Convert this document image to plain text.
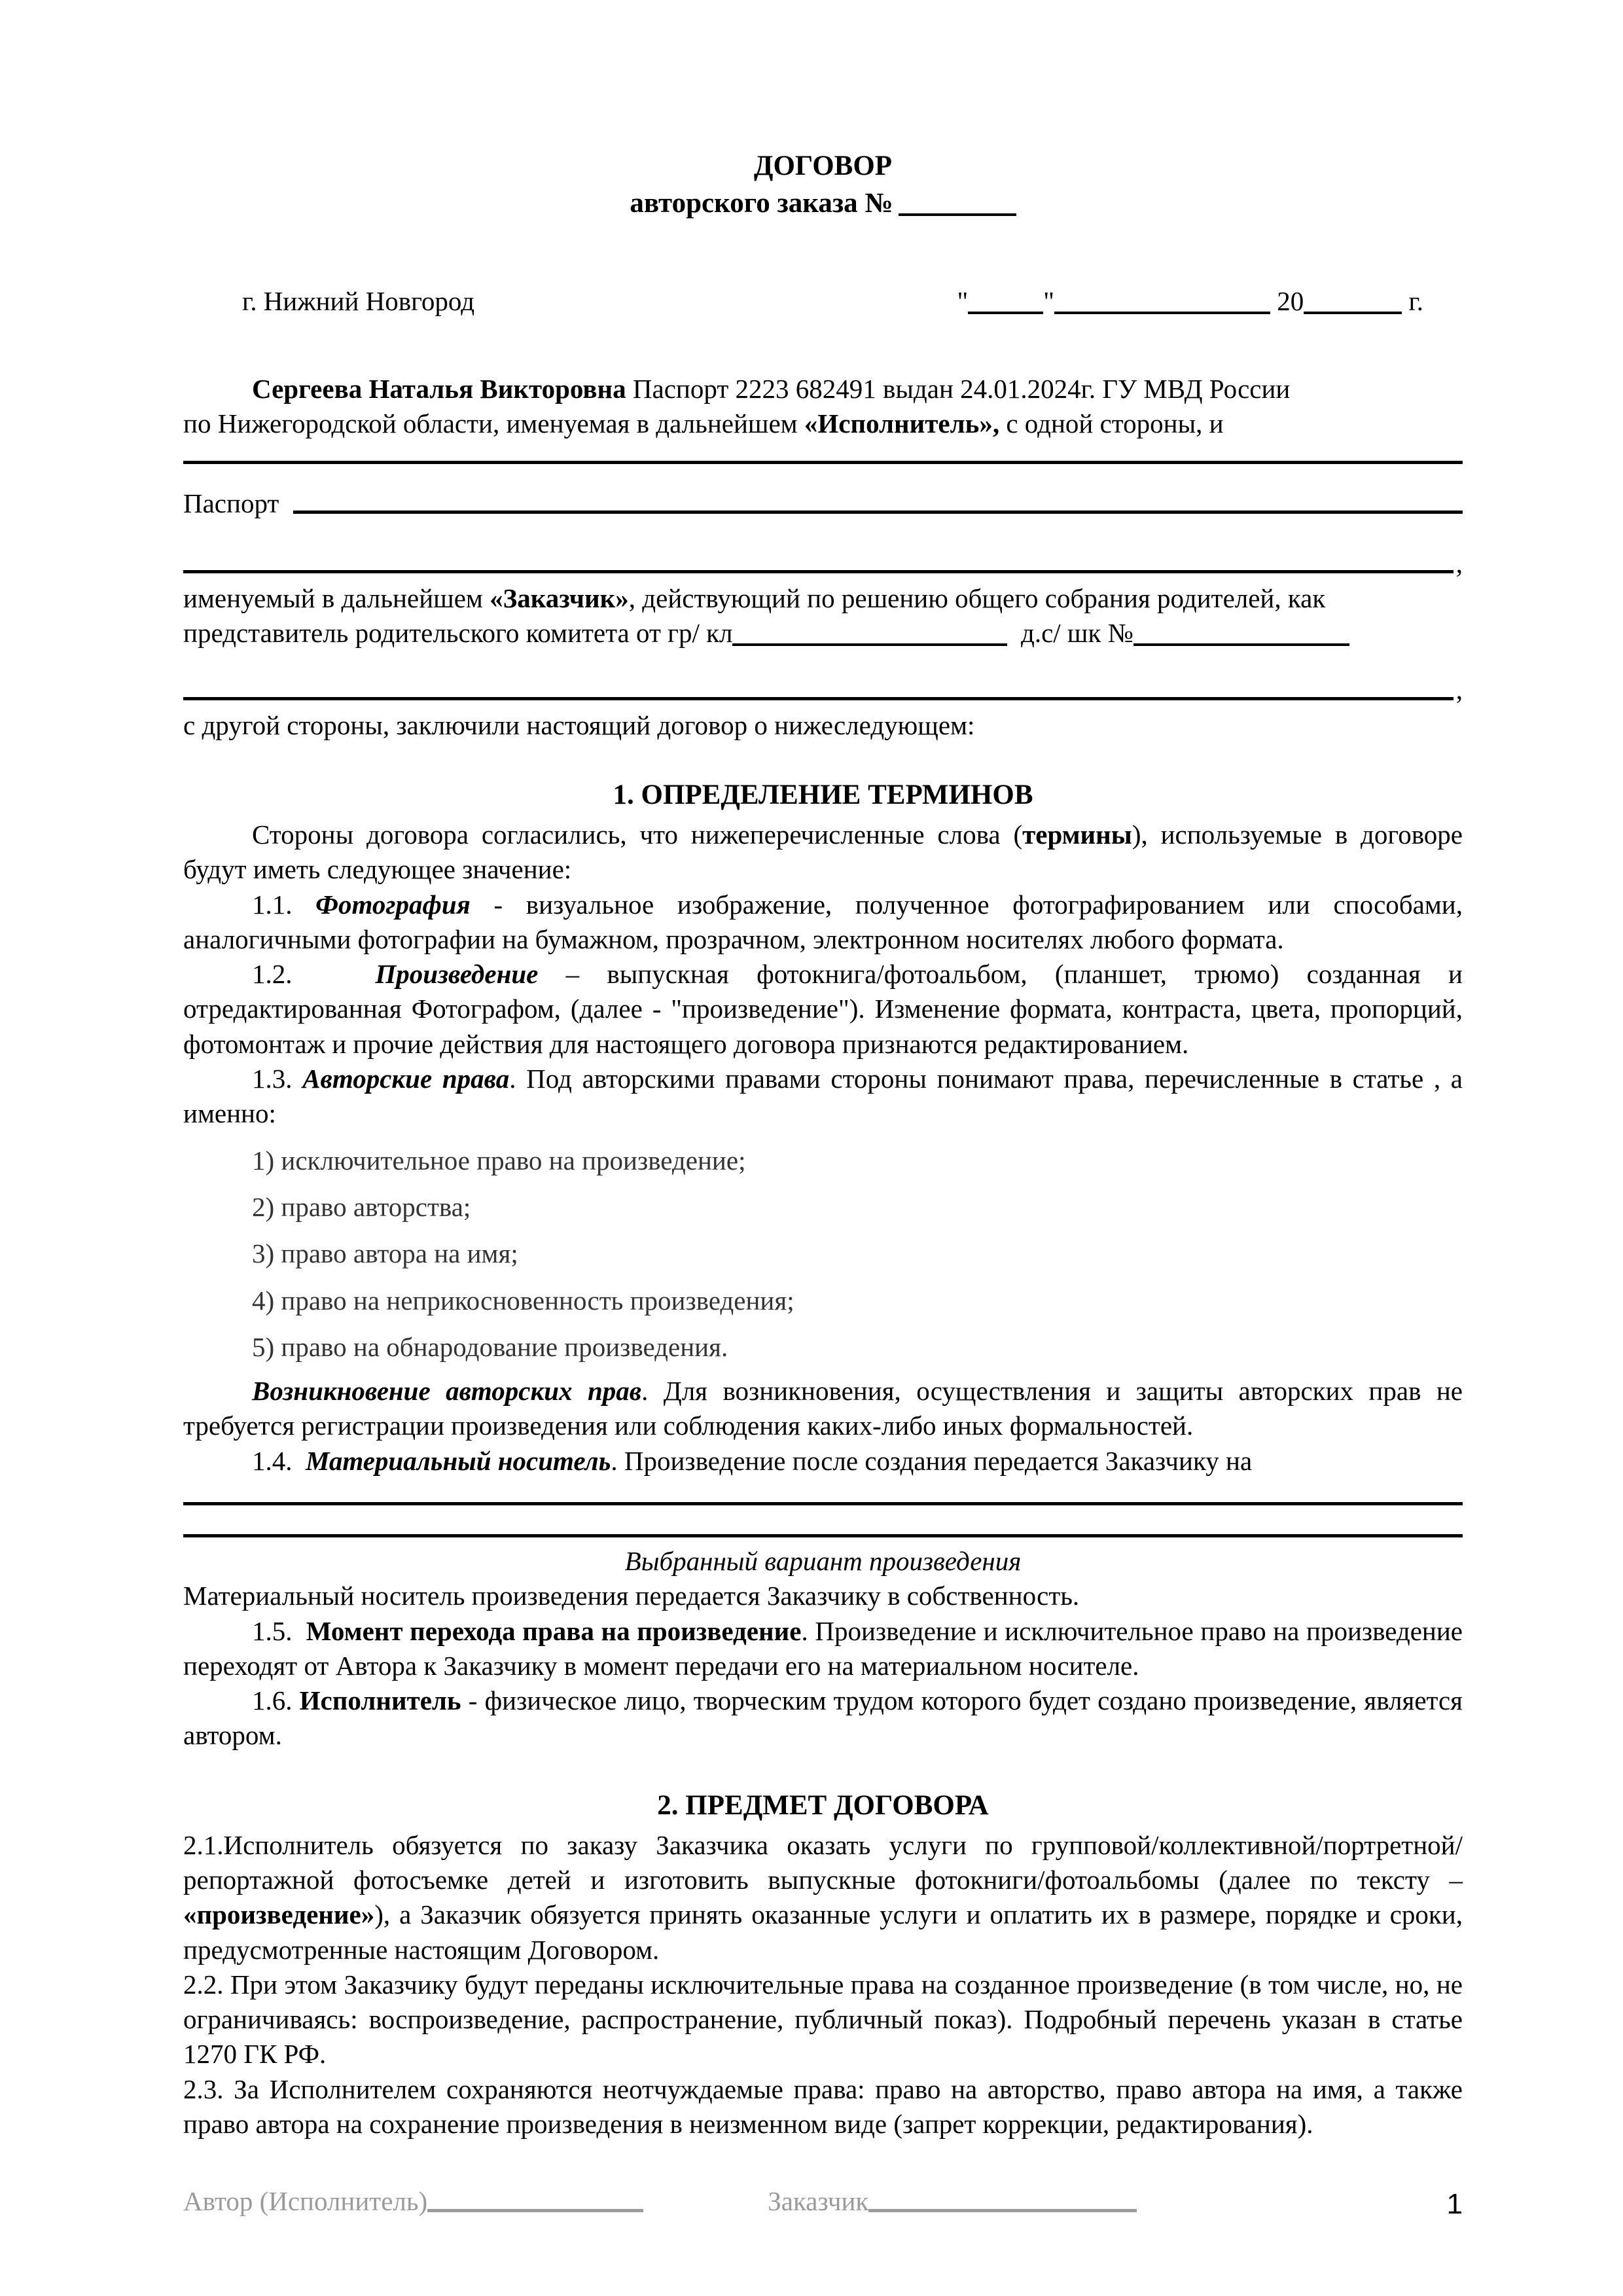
ДОГОВОР
авторского заказа №
г. Нижний Новгород	"	"	20	г.

Сергеева Наталья Викторовна Паспорт 2223 682491 выдан 24.01.2024г. ГУ МВД России

по Нижегородской области, именуемая в дальнейшем «Исполнитель», с одной стороны, и

Паспорт
,

именуемый в дальнейшем «Заказчик», действующий по решению общего собрания родителей, как

представитель родительского комитета от гр/ кл	д.с/ шк №

,

с другой стороны, заключили настоящий договор о нижеследующем:

1. ОПРЕДЕЛЕНИЕ ТЕРМИНОВ

Стороны договора согласились, что нижеперечисленные слова (термины), используемые в договоре будут иметь следующее значение:

1.1. Фотография - визуальное изображение, полученное фотографированием или способами, аналогичными фотографии на бумажном, прозрачном, электронном носителях любого формата.

1.2.	Произведение – выпускная фотокнига/фотоальбом, (планшет, трюмо) созданная и отредактированная Фотографом, (далее - "произведение"). Изменение формата, контраста, цвета, пропорций, фотомонтаж и прочие действия для настоящего договора признаются редактированием.

1.3. Авторские права. Под авторскими правами стороны понимают права, перечисленные в статье , а именно:

1) исключительное право на произведение;

2) право авторства;

3) право автора на имя;

4) право на неприкосновенность произведения;

5) право на обнародование произведения.

Возникновение авторских прав. Для возникновения, осуществления и защиты авторских прав не требуется регистрации произведения или соблюдения каких-либо иных формальностей.

1.4. Материальный носитель. Произведение после создания передается Заказчику на

Выбранный вариант произведения

Материальный носитель произведения передается Заказчику в собственность.

1.5. Момент перехода права на произведение. Произведение и исключительное право на произведение переходят от Автора к Заказчику в момент передачи его на материальном носителе.

1.6. Исполнитель - физическое лицо, творческим трудом которого будет создано произведение, является автором.

2. ПРЕДМЕТ ДОГОВОРА

2.1.Исполнитель обязуется по заказу Заказчика оказать услуги по групповой/коллективной/портретной/репортажной фотосъемке детей и изготовить выпускные фотокниги/фотоальбомы (далее по тексту – «произведение»), а Заказчик обязуется принять оказанные услуги и оплатить их в размере, порядке и сроки, предусмотренные настоящим Договором.

2.2. При этом Заказчику будут переданы исключительные права на созданное произведение (в том числе, но, не ограничиваясь: воспроизведение, распространение, публичный показ). Подробный перечень указан в статье 1270 ГК РФ.

2.3. За Исполнителем сохраняются неотчуждаемые права: право на авторство, право автора на имя, а также право автора на сохранение произведения в неизменном виде (запрет коррекции, редактирования).

Автор (Исполнитель)	Заказчик	1
